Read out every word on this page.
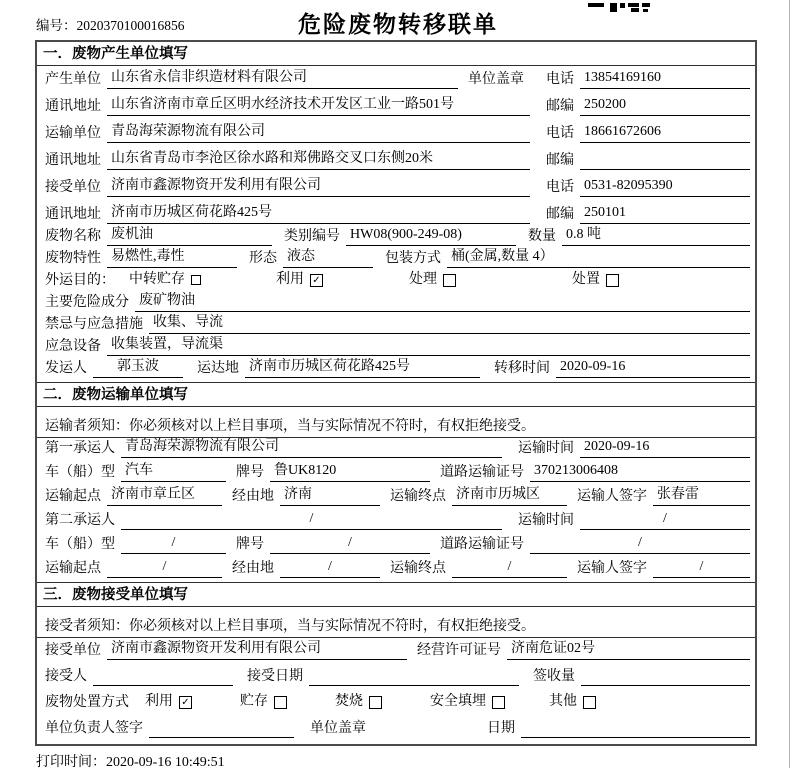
编号：2020370100016856	危险废物转移联单
一．废物产生单位填写
产生单位 山东省永信非织造材料有限公司	单位盖章	电话 13854169160
通讯地址 山东省济南市章丘区明水经济技术开发区工业一路501号	邮编 250200
运输单位 青岛海荣源物流有限公司	电话 18661672606
通讯地址 山东省青岛市李沧区徐水路和郑佛路交叉口东侧20米	邮编
接受单位 济南市鑫源物资开发利用有限公司	电话 0531-82095390
通讯地址 济南市历城区荷花路425号	邮编 250101
废物名称 废机油	类别编号 HW08(900-249-08)	数量 0.8 吨
废物特性 易燃性,毒性	形态 液态	包装方式 桶(金属,数量 4）
外运目的：	中转贮存	利用 ✓	处理	处置
主要危险成分 废矿物油
禁忌与应急措施 收集、导流
应急设备 收集装置，导流渠
发运人	郭玉波	运达地 济南市历城区荷花路425号	转移时间 2020-09-16
二．废物运输单位填写
运输者须知：你必须核对以上栏目事项，当与实际情况不符时，有权拒绝接受。
第一承运人 青岛海荣源物流有限公司	运输时间 2020-09-16
车（船）型 汽车	牌号 鲁UK8120	道路运输证号 370213006408
运输起点 济南市章丘区	经由地 济南	运输终点 济南市历城区	运输人签字 张春雷
第二承运人	/	运输时间	/
车（船）型	/	牌号	/	道路运输证号	/
运输起点	/	经由地	/	运输终点	/	运输人签字	/
三．废物接受单位填写
接受者须知：你必须核对以上栏目事项，当与实际情况不符时，有权拒绝接受。
接受单位 济南市鑫源物资开发利用有限公司	经营许可证号 济南危证02号
接受人	接受日期	签收量
废物处置方式	利用 ✓	贮存	焚烧	安全填埋	其他
单位负责人签字	单位盖章	日期
打印时间：2020-09-16 10:49:51
